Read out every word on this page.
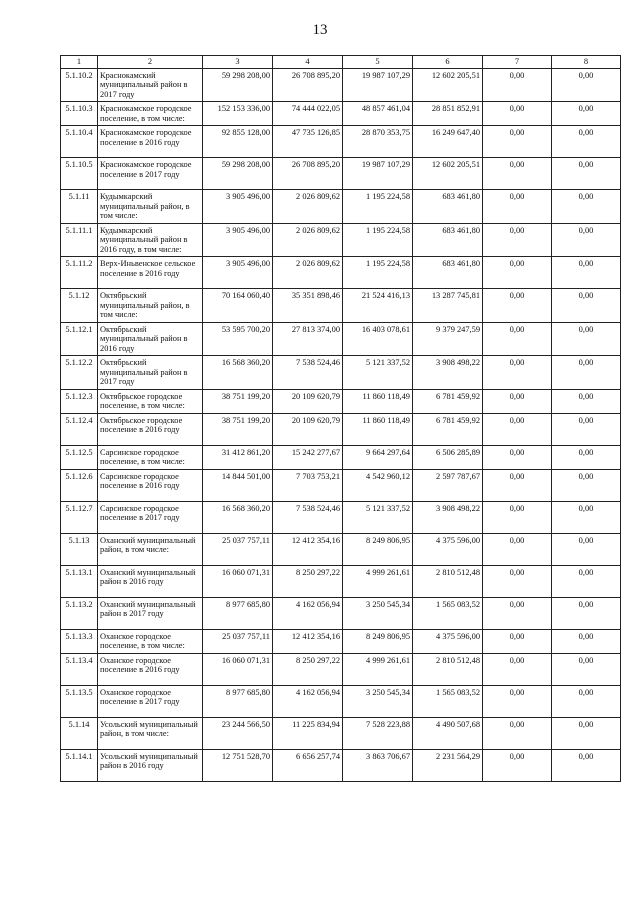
13
1	2	3	4	5	6	7	8
5.1.10.2	Краснокамский муниципальный район в 2017 году	59 298 208,00	26 708 895,20	19 987 107,29	12 602 205,51	0,00	0,00
5.1.10.3	Краснокамское городское поселение, в том числе:	152 153 336,00	74 444 022,05	48 857 461,04	28 851 852,91	0,00	0,00
5.1.10.4	Краснокамское городское поселение в 2016 году	92 855 128,00	47 735 126,85	28 870 353,75	16 249 647,40	0,00	0,00
5.1.10.5	Краснокамское городское поселение в 2017 году	59 298 208,00	26 708 895,20	19 987 107,29	12 602 205,51	0,00	0,00
5.1.11	Кудымкарский муниципальный район, в том числе:	3 905 496,00	2 026 809,62	1 195 224,58	683 461,80	0,00	0,00
5.1.11.1	Кудымкарский муниципальный район в 2016 году, в том числе:	3 905 496,00	2 026 809,62	1 195 224,58	683 461,80	0,00	0,00
5.1.11.2	Верх-Иньвенское сельское поселение в 2016 году	3 905 496,00	2 026 809,62	1 195 224,58	683 461,80	0,00	0,00
5.1.12	Октябрьский муниципальный район, в том числе:	70 164 060,40	35 351 898,46	21 524 416,13	13 287 745,81	0,00	0,00
5.1.12.1	Октябрьский муниципальный район в 2016 году	53 595 700,20	27 813 374,00	16 403 078,61	9 379 247,59	0,00	0,00
5.1.12.2	Октябрьский муниципальный район в 2017 году	16 568 360,20	7 538 524,46	5 121 337,52	3 908 498,22	0,00	0,00
5.1.12.3	Октябрьское городское поселение, в том числе:	38 751 199,20	20 109 620,79	11 860 118,49	6 781 459,92	0,00	0,00
5.1.12.4	Октябрьское городское поселение в 2016 году	38 751 199,20	20 109 620,79	11 860 118,49	6 781 459,92	0,00	0,00
5.1.12.5	Сарсинское городское поселение, в том числе:	31 412 861,20	15 242 277,67	9 664 297,64	6 506 285,89	0,00	0,00
5.1.12.6	Сарсинское городское поселение в 2016 году	14 844 501,00	7 703 753,21	4 542 960,12	2 597 787,67	0,00	0,00
5.1.12.7	Сарсинское городское поселение в 2017 году	16 568 360,20	7 538 524,46	5 121 337,52	3 908 498,22	0,00	0,00
5.1.13	Оханский муниципальный район, в том числе:	25 037 757,11	12 412 354,16	8 249 806,95	4 375 596,00	0,00	0,00
5.1.13.1	Оханский муниципальный район в 2016 году	16 060 071,31	8 250 297,22	4 999 261,61	2 810 512,48	0,00	0,00
5.1.13.2	Оханский муниципальный район в 2017 году	8 977 685,80	4 162 056,94	3 250 545,34	1 565 083,52	0,00	0,00
5.1.13.3	Оханское городское поселение, в том числе:	25 037 757,11	12 412 354,16	8 249 806,95	4 375 596,00	0,00	0,00
5.1.13.4	Оханское городское поселение в 2016 году	16 060 071,31	8 250 297,22	4 999 261,61	2 810 512,48	0,00	0,00
5.1.13.5	Оханское городское поселение в 2017 году	8 977 685,80	4 162 056,94	3 250 545,34	1 565 083,52	0,00	0,00
5.1.14	Усольский муниципальный район, в том числе:	23 244 566,50	11 225 834,94	7 528 223,88	4 490 507,68	0,00	0,00
5.1.14.1	Усольский муниципальный район в 2016 году	12 751 528,70	6 656 257,74	3 863 706,67	2 231 564,29	0,00	0,00
